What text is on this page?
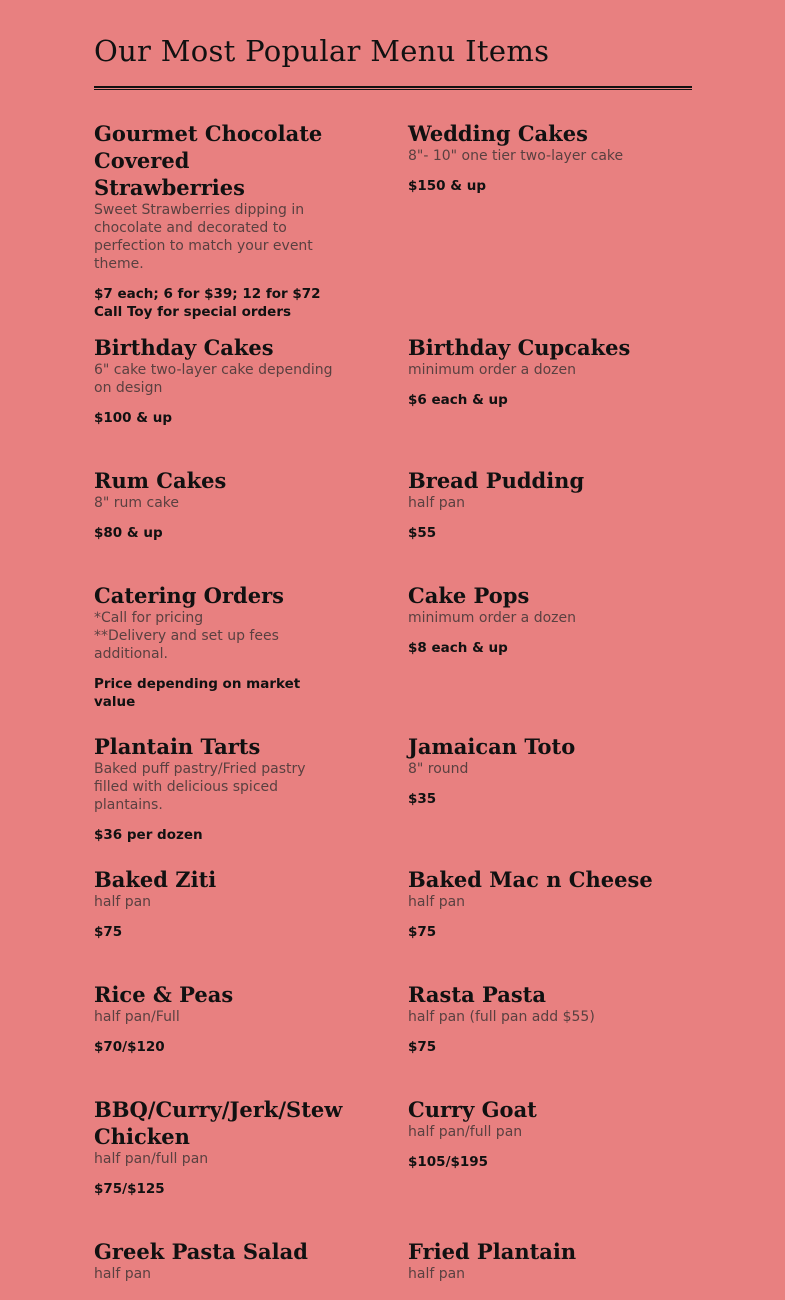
Our Most Popular Menu Items
Gourmet Chocolate Covered Strawberries

Sweet Strawberries dipping in chocolate and decorated to perfection to match your event theme.

$7 each; 6 for $39; 12 for $72
Call Toy for special orders

Wedding Cakes

8"- 10" one tier two-layer cake

$150 & up

Birthday Cakes

6" cake two-layer cake depending on design

$100 & up

Birthday Cupcakes

minimum order a dozen

$6 each & up

Rum Cakes

8" rum cake

$80 & up

Bread Pudding

half pan

$55

Catering Orders

*Call for pricing
**Delivery and set up fees additional.

Price depending on market value

Cake Pops

minimum order a dozen

$8 each & up

Plantain Tarts

Baked puff pastry/Fried pastry filled with delicious spiced plantains.

$36 per dozen

Jamaican Toto

8" round

$35

Baked Ziti

half pan

$75

Baked Mac n Cheese

half pan

$75

Rice & Peas

half pan/Full

$70/$120

Rasta Pasta

half pan (full pan add $55)

$75

BBQ/Curry/Jerk/Stew Chicken

half pan/full pan

$75/$125

Curry Goat

half pan/full pan

$105/$195

Greek Pasta Salad

half pan

Fried Plantain

half pan
